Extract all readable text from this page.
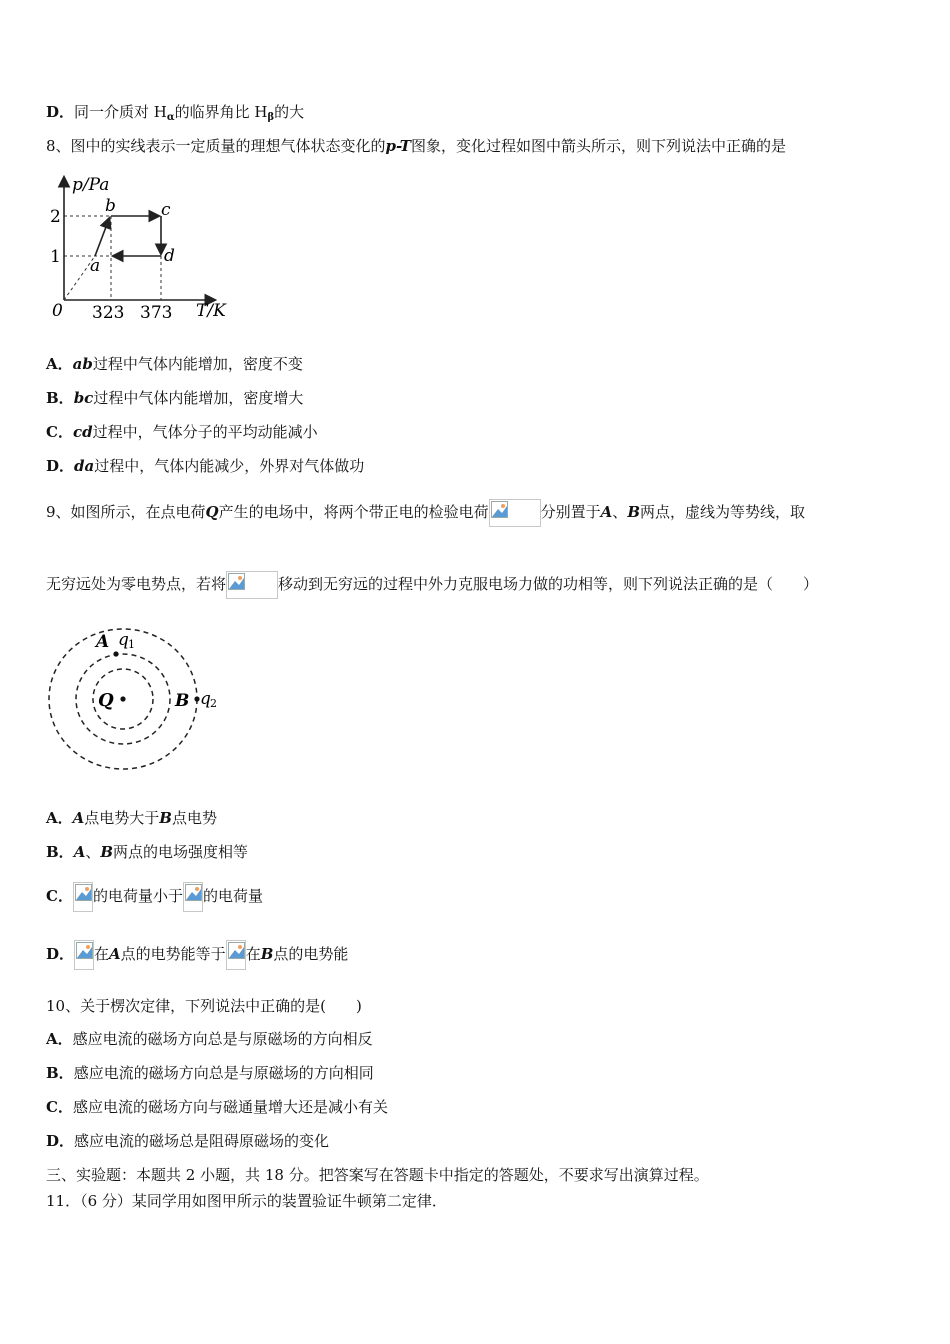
D．同一介质对 $H_\alpha$的临界角比 $H_\beta$的大
8、图中的实线表示一定质量的理想气体状态变化的p-T图象，变化过程如图中箭头所示，则下列说法中正确的是
p/Pa
2
1
0 323 373 T/K
a
b	c
d
A．ab过程中气体内能增加，密度不变
B．bc过程中气体内能增加，密度增大
C．cd过程中，气体分子的平均动能减小
D．da过程中，气体内能减少，外界对气体做功
9、如图所示，在点电荷Q产生的电场中，将两个带正电的检验电荷	分别置于A、B两点，虚线为等势线，取
无穷远处为零电势点，若将	移动到无穷远的过程中外力克服电场力做的功相等，则下列说法正确的是（　　）
A q 1
Q	B q 2
A．A点电势大于B点电势
B．A、B两点的电场强度相等
C． 的电荷量小于 的电荷量
D． 在A点的电势能等于 在B点的电势能
10、关于楞次定律，下列说法中正确的是(　　)
A．感应电流的磁场方向总是与原磁场的方向相反
B．感应电流的磁场方向总是与原磁场的方向相同
C．感应电流的磁场方向与磁通量增大还是减小有关
D．感应电流的磁场总是阻碍原磁场的变化
三、实验题：本题共 2 小题，共 18 分。把答案写在答题卡中指定的答题处，不要求写出演算过程。
11．（6 分）某同学用如图甲所示的装置验证牛顿第二定律．
